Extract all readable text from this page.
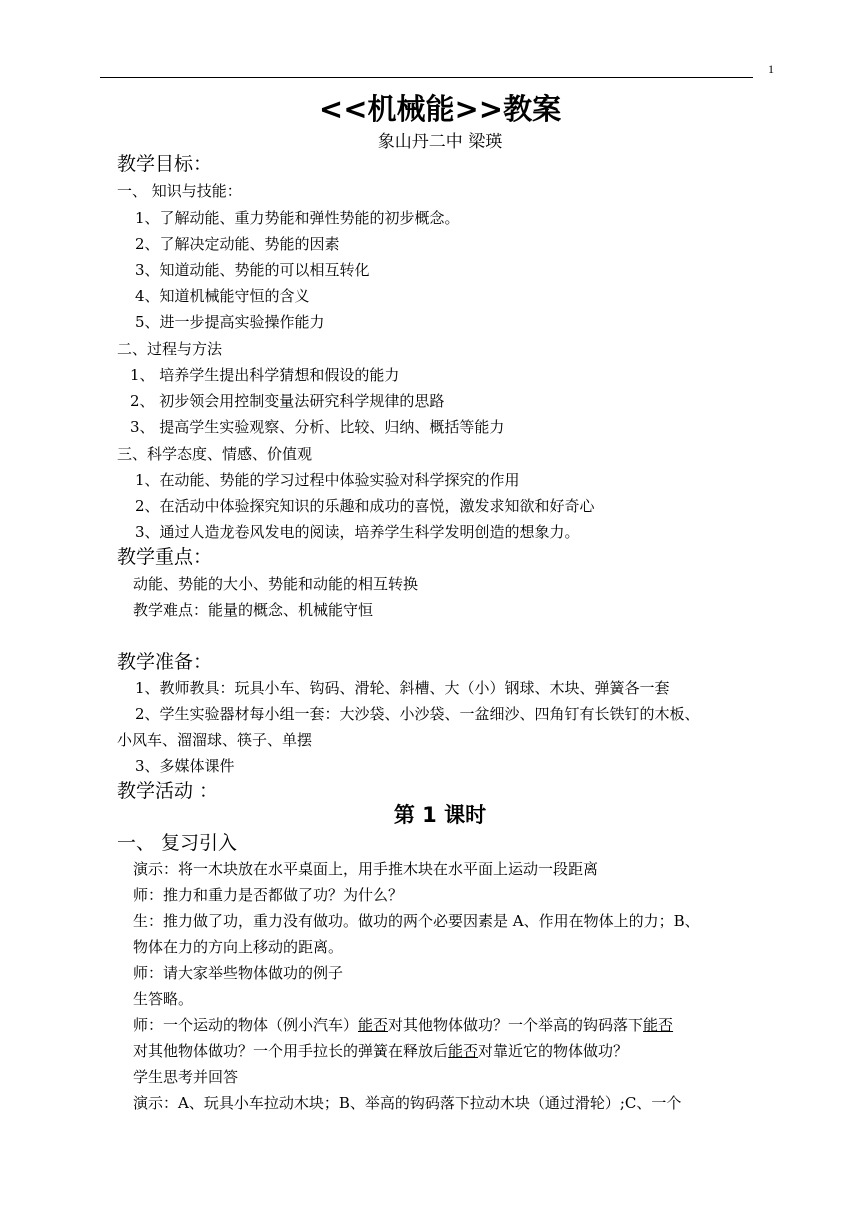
1
<<机械能>>教案
象山丹二中 梁瑛
教学目标：
一、 知识与技能：
1、了解动能、重力势能和弹性势能的初步概念。
2、了解决定动能、势能的因素
3、知道动能、势能的可以相互转化
4、知道机械能守恒的含义
5、进一步提高实验操作能力
二、过程与方法
1、 培养学生提出科学猜想和假设的能力
2、 初步领会用控制变量法研究科学规律的思路
3、 提高学生实验观察、分析、比较、归纳、概括等能力
三、科学态度、情感、价值观
1、在动能、势能的学习过程中体验实验对科学探究的作用
2、在活动中体验探究知识的乐趣和成功的喜悦，激发求知欲和好奇心
3、通过人造龙卷风发电的阅读，培养学生科学发明创造的想象力。
教学重点：
动能、势能的大小、势能和动能的相互转换
教学难点：能量的概念、机械能守恒
教学准备：
1、教师教具：玩具小车、钩码、滑轮、斜槽、大（小）钢球、木块、弹簧各一套
2、学生实验器材每小组一套：大沙袋、小沙袋、一盆细沙、四角钉有长铁钉的木板、
小风车、溜溜球、筷子、单摆
3、多媒体课件
教学活动 ：
第 1 课时
一、 复习引入
演示：将一木块放在水平桌面上，用手推木块在水平面上运动一段距离
师：推力和重力是否都做了功？为什么？
生：推力做了功，重力没有做功。做功的两个必要因素是 A、作用在物体上的力；B、
物体在力的方向上移动的距离。
师：请大家举些物体做功的例子
生答略。
师：一个运动的物体（例小汽车）能否对其他物体做功？一个举高的钩码落下能否
对其他物体做功？一个用手拉长的弹簧在释放后能否对靠近它的物体做功？
学生思考并回答
演示：A、玩具小车拉动木块；B、举高的钩码落下拉动木块（通过滑轮）;C、一个
